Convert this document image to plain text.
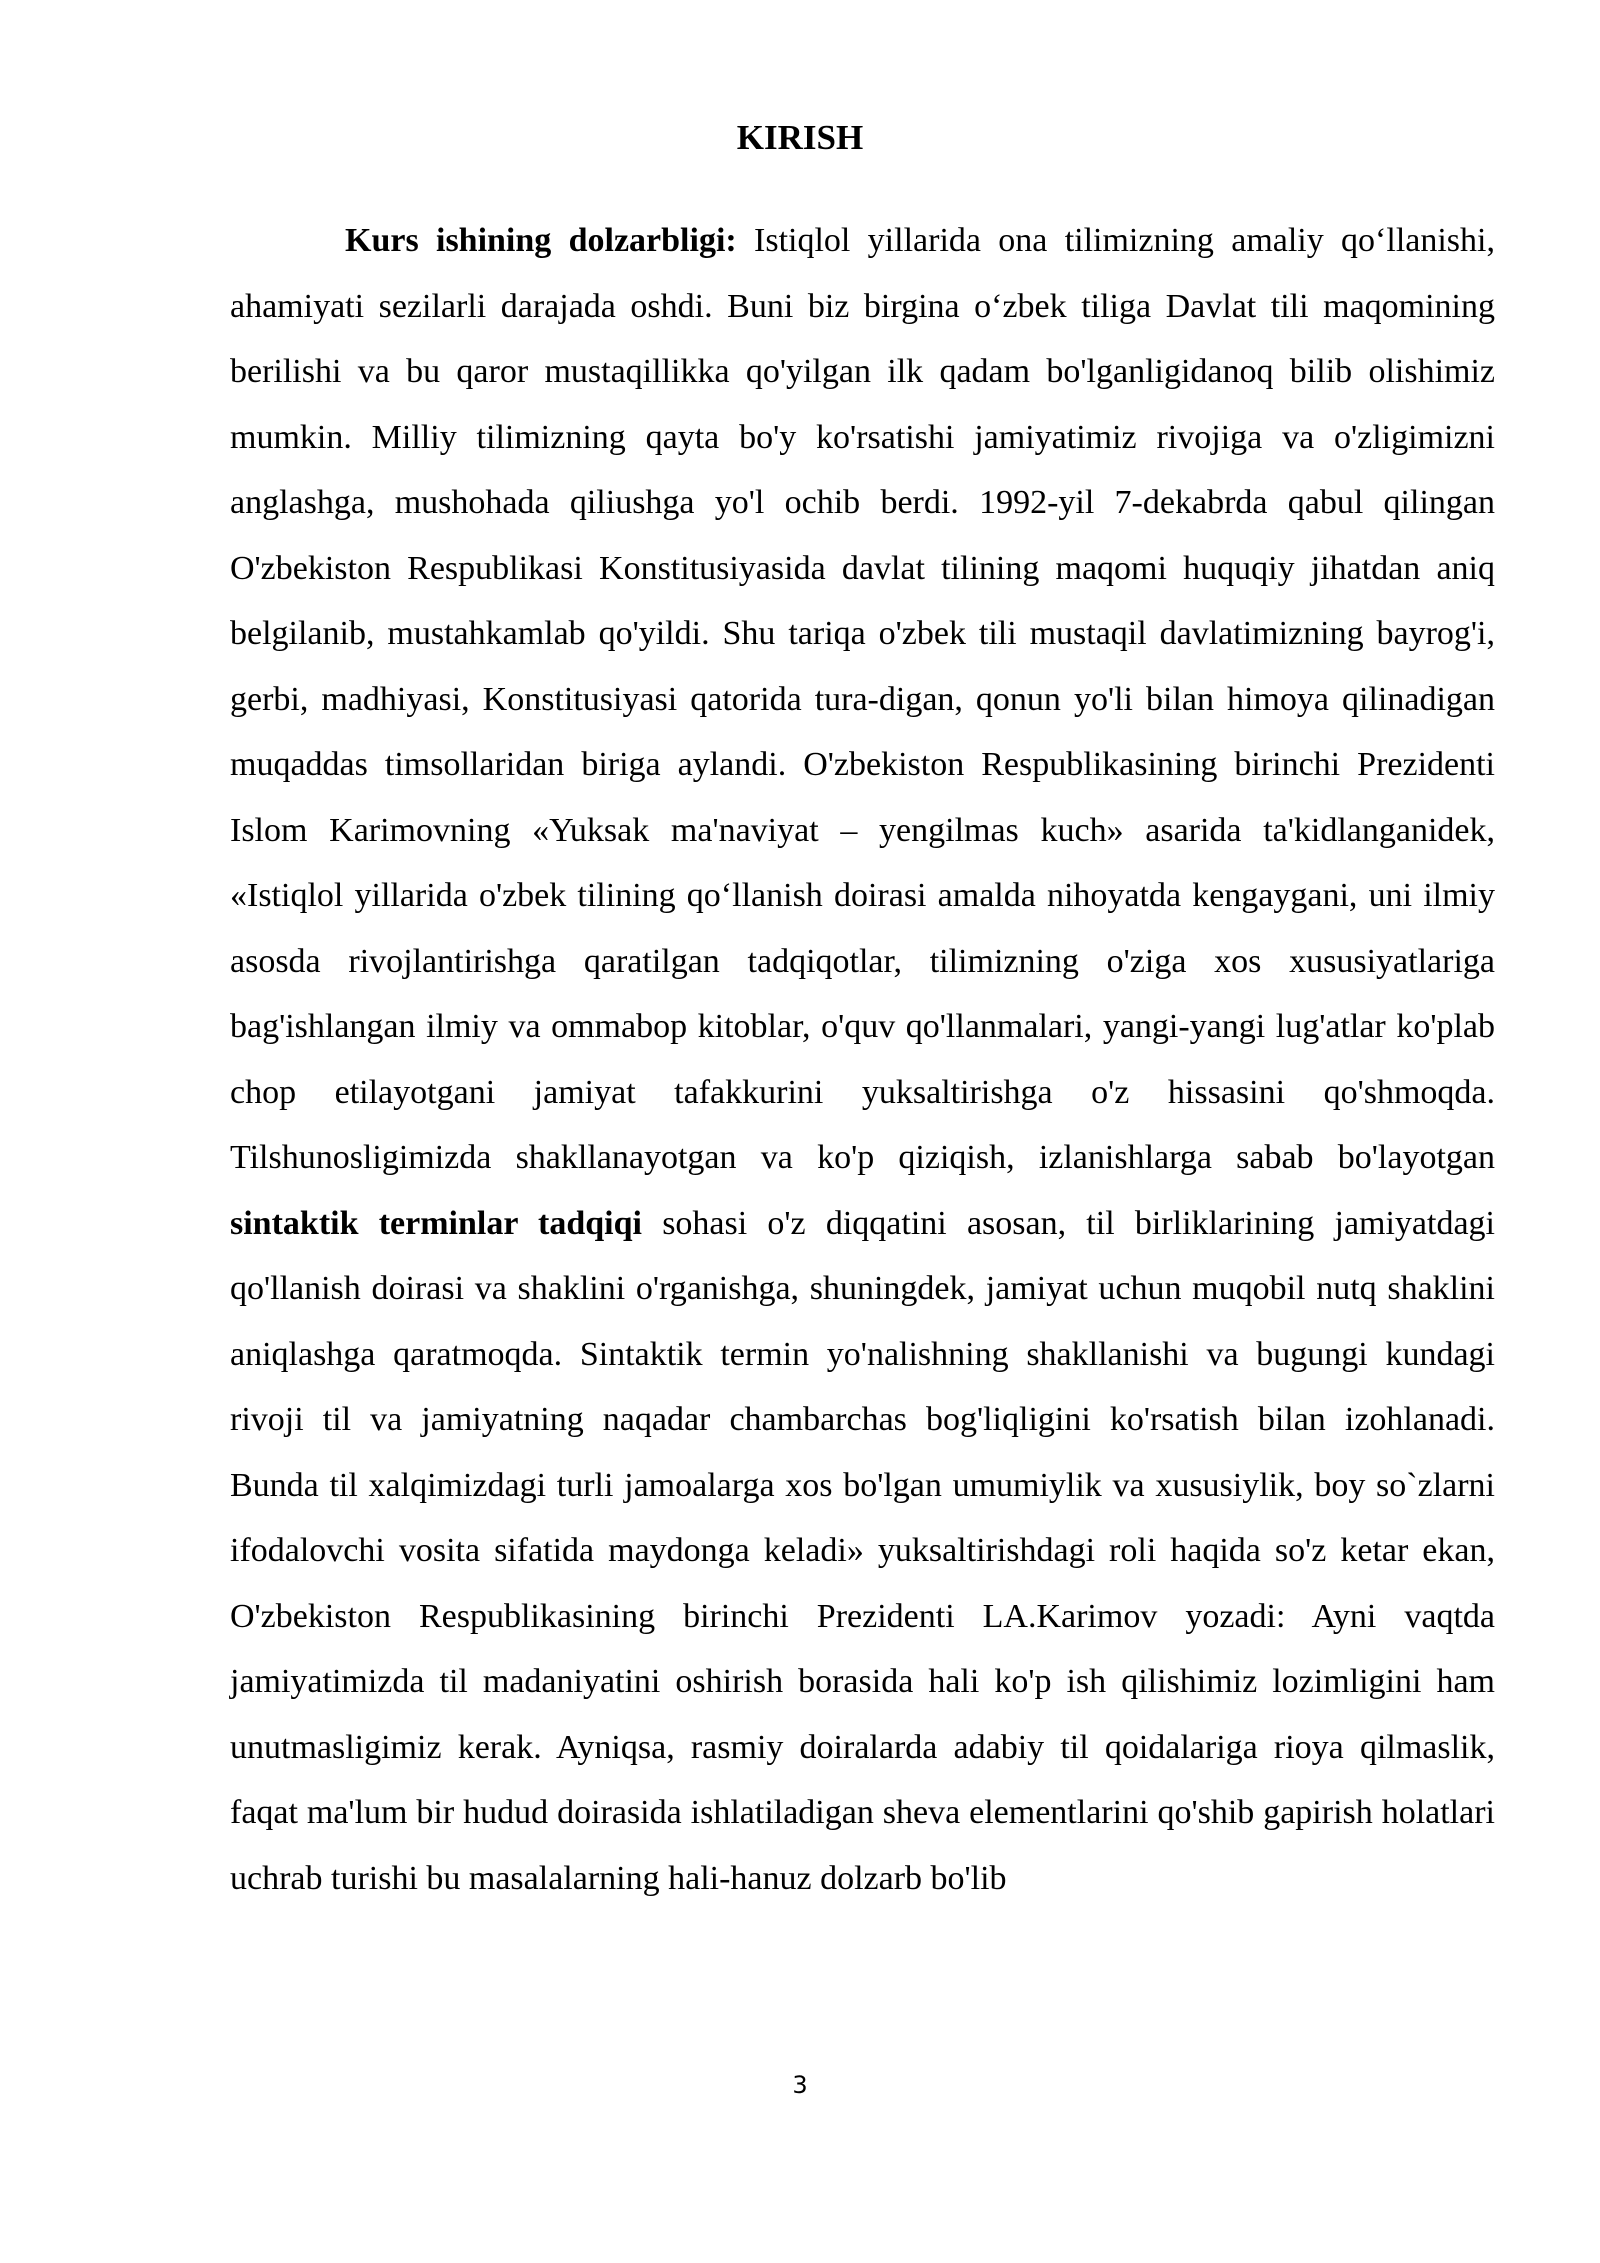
KIRISH

Kurs ishining dolzarbligi: Istiqlol yillarida ona tilimizning amaliy qo‘llanishi, ahamiyati sezilarli darajada oshdi. Buni biz birgina o‘zbek tiliga Davlat tili maqomining berilishi va bu qaror mustaqillikka qo'yilgan ilk qadam bo'lganligidanoq bilib olishimiz mumkin. Milliy tilimizning qayta bo'y ko'rsatishi jamiyatimiz rivojiga va o'zligimizni anglashga, mushohada qiliushga yo'l ochib berdi. 1992-yil 7-dekabrda qabul qilingan O'zbekiston Respublikasi Konstitusiyasida davlat tilining maqomi huquqiy jihatdan aniq belgilanib, mustahkamlab qo'yildi. Shu tariqa o'zbek tili mustaqil davlatimizning bayrog'i, gerbi, madhiyasi, Konstitusiyasi qatorida tura-digan, qonun yo'li bilan himoya qilinadigan muqaddas timsollaridan biriga aylandi. O'zbekiston Respublikasining birinchi Prezidenti Islom Karimovning «Yuksak ma'naviyat – yengilmas kuch» asarida ta'kidlanganidek, «Istiqlol yillarida o'zbek tilining qo‘llanish doirasi amalda nihoyatda kengaygani, uni ilmiy asosda rivojlantirishga qaratilgan tadqiqotlar, tilimizning o'ziga xos xususiyatlariga bag'ishlangan ilmiy va ommabop kitoblar, o'quv qo'llanmalari, yangi-yangi lug'atlar ko'plab chop etilayotgani jamiyat tafakkurini yuksaltirishga o'z hissasini qo'shmoqda. Tilshunosligimizda shakllanayotgan va ko'p qiziqish, izlanishlarga sabab bo'layotgan sintaktik terminlar tadqiqi sohasi o'z diqqatini asosan, til birliklarining jamiyatdagi qo'llanish doirasi va shaklini o'rganishga, shuningdek, jamiyat uchun muqobil nutq shaklini aniqlashga qaratmoqda. Sintaktik termin yo'nalishning shakllanishi va bugungi kundagi rivoji til va jamiyatning naqadar chambarchas bog'liqligini ko'rsatish bilan izohlanadi. Bunda til xalqimizdagi turli jamoalarga xos bo'lgan umumiylik va xususiylik, boy so`zlarni ifodalovchi vosita sifatida maydonga keladi» yuksaltirishdagi roli haqida so'z ketar ekan, O'zbekiston Respublikasining birinchi Prezidenti LA.Karimov yozadi: Ayni vaqtda jamiyatimizda til madaniyatini oshirish borasida hali ko'p ish qilishimiz lozimligini ham unutmasligimiz kerak. Ayniqsa, rasmiy doiralarda adabiy til qoidalariga rioya qilmaslik, faqat ma'lum bir hudud doirasida ishlatiladigan sheva elementlarini qo'shib gapirish holatlari uchrab turishi bu masalalarning hali-hanuz dolzarb bo'lib

3
